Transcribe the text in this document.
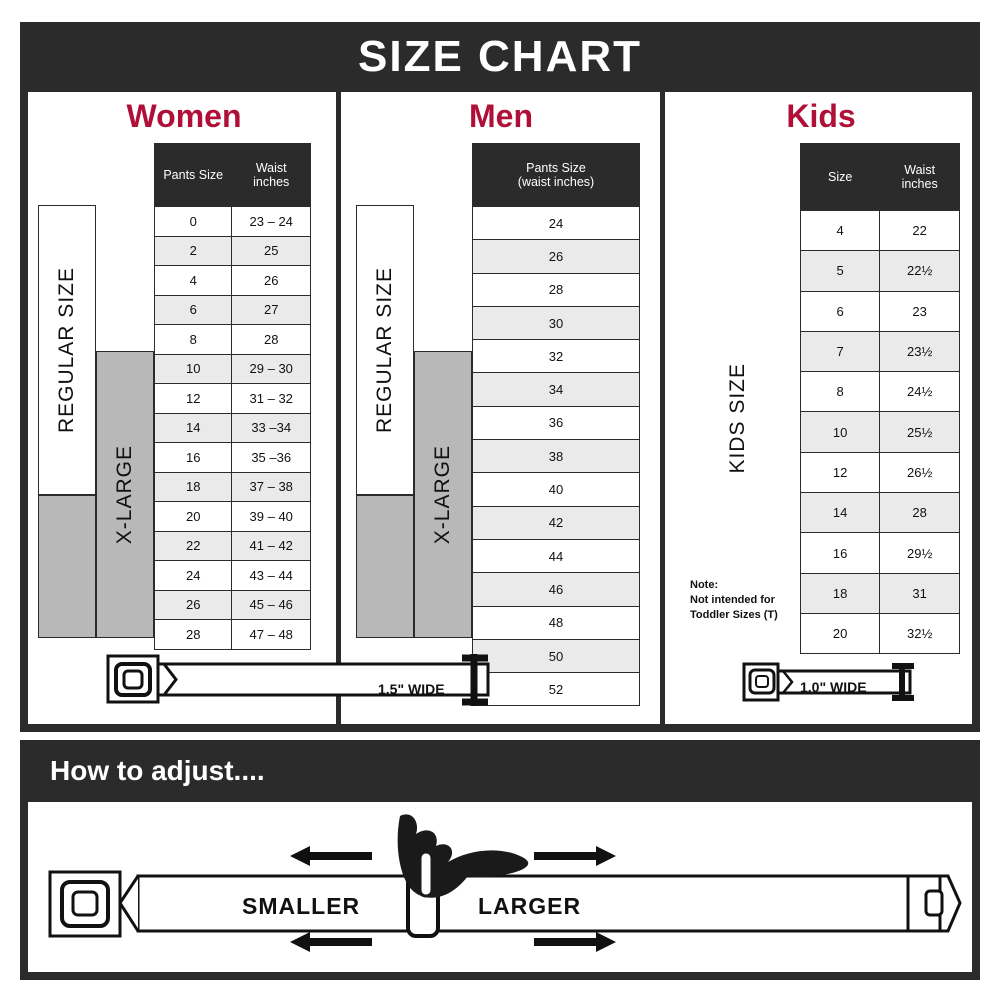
SIZE CHART
Women
REGULAR SIZE
X-LARGE
Pants Size	Waist
inches

0	23 – 24
2	25
4	26
6	27
8	28
10	29 – 30
12	31 – 32
14	33 –34
16	35 –36
18	37 – 38
20	39 – 40
22	41 – 42
24	43 – 44
26	45 – 46
28	47 – 48
Men
REGULAR SIZE
X-LARGE
Pants Size
(waist inches)

24
26
28
30
32
34
36
38
40
42
44
46
48
50
52
Kids
KIDS SIZE
Note:
Not intended for
Toddler Sizes (T)
Size	Waist
inches

4	22
5	22½
6	23
7	23½
8	24½
10	25½
12	26½
14	28
16	29½
18	31
20	32½
1.5" WIDE	1.0" WIDE
How to adjust....
SMALLER	LARGER
